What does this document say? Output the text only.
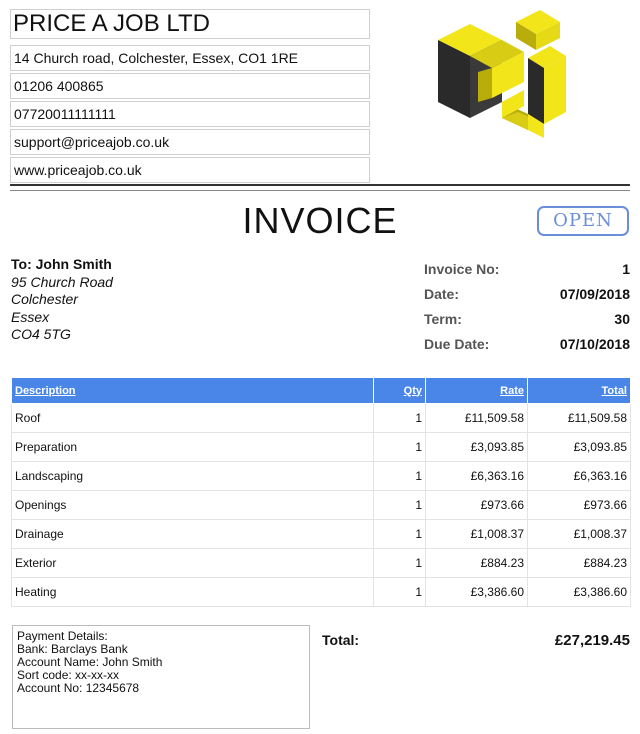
PRICE A JOB LTD
14 Church road, Colchester, Essex, CO1 1RE
01206 400865
07720011111111
support@priceajob.co.uk
www.priceajob.co.uk
INVOICE	OPEN
To: John Smith
95 Church Road
Colchester
Essex
CO4 5TG
Invoice No:	1
Date:	07/09/2018
Term:	30
Due Date:	07/10/2018
Description	Qty	Rate	Total
Roof	1	£11,509.58	£11,509.58
Preparation	1	£3,093.85	£3,093.85
Landscaping	1	£6,363.16	£6,363.16
Openings	1	£973.66	£973.66
Drainage	1	£1,008.37	£1,008.37
Exterior	1	£884.23	£884.23
Heating	1	£3,386.60	£3,386.60
Payment Details:
Bank: Barclays Bank
Account Name: John Smith
Sort code: xx-xx-xx
Account No: 12345678
Total:	£27,219.45
